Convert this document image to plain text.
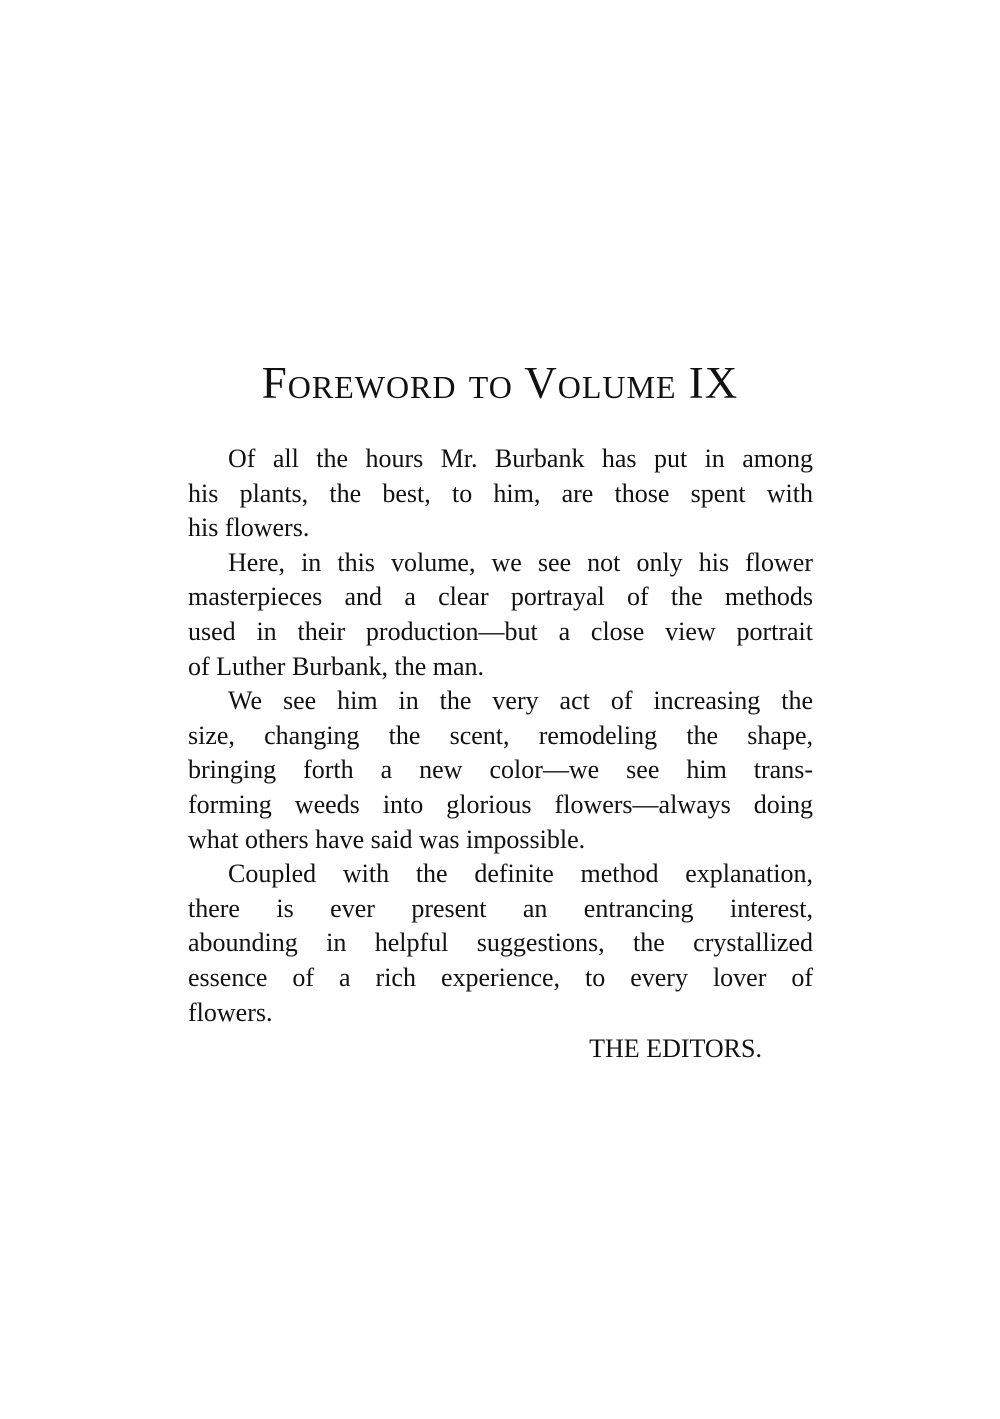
Foreword to Volume IX
Of all the hours Mr. Burbank has put in among
his plants, the best, to him, are those spent with
his flowers.
Here, in this volume, we see not only his flower
masterpieces and a clear portrayal of the methods
used in their production—but a close view portrait
of Luther Burbank, the man.
We see him in the very act of increasing the
size, changing the scent, remodeling the shape,
bringing forth a new color—we see him trans-
forming weeds into glorious flowers—always doing
what others have said was impossible.
Coupled with the definite method explanation,
there is ever present an entrancing interest,
abounding in helpful suggestions, the crystallized
essence of a rich experience, to every lover of
flowers.
THE EDITORS.
